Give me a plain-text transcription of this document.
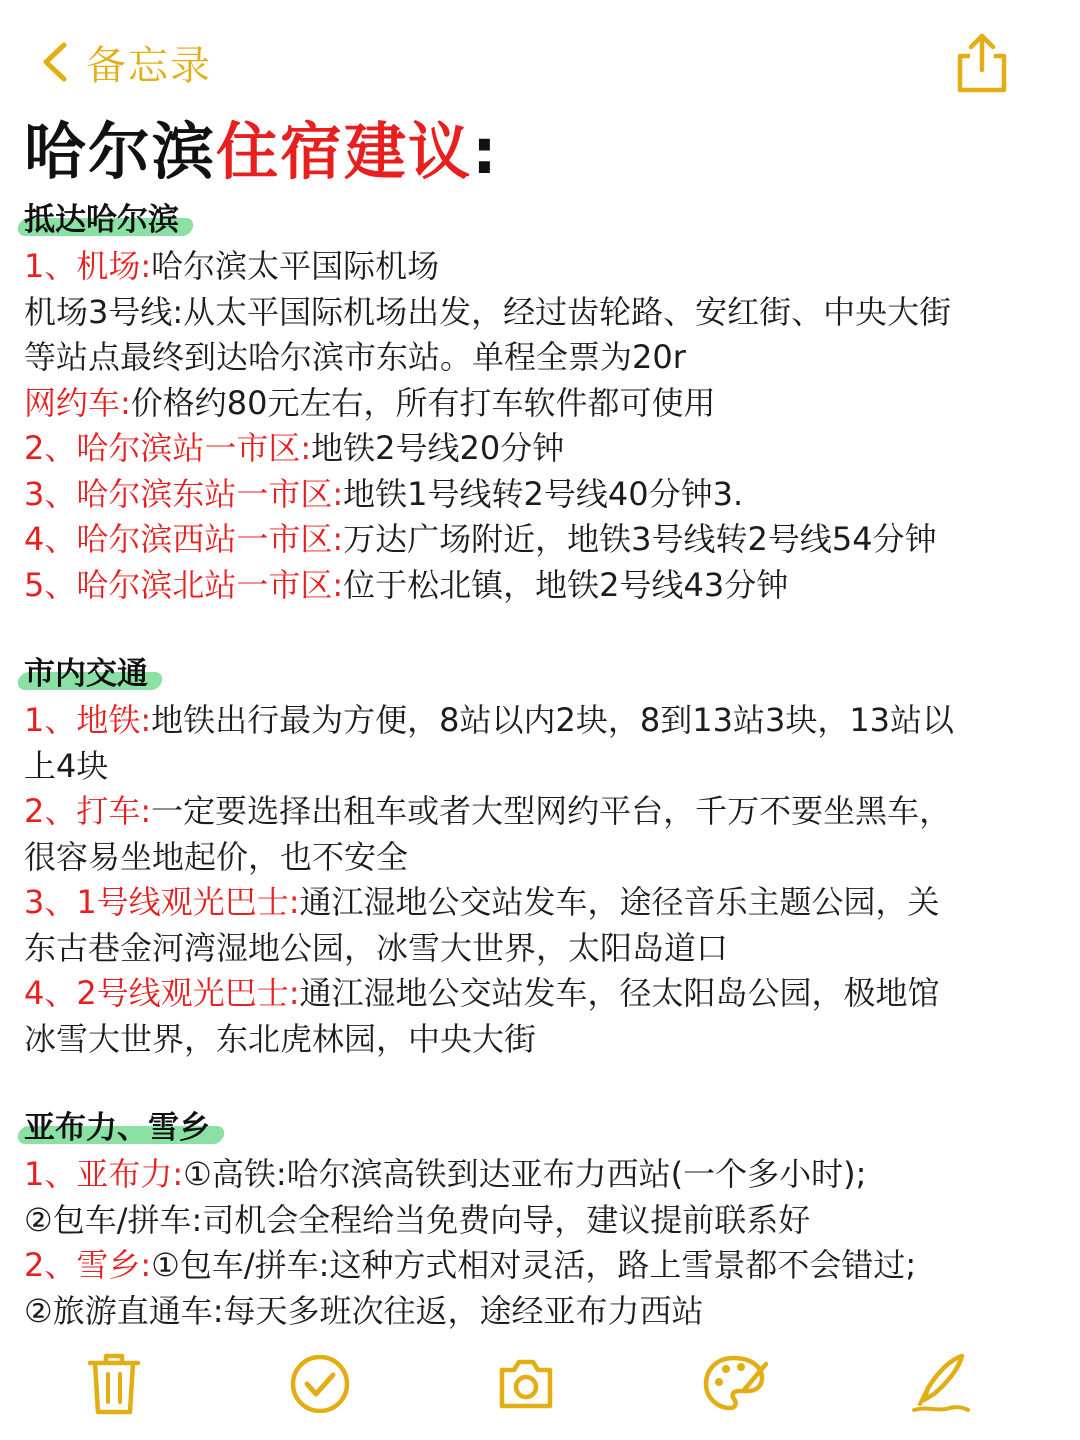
备忘录
哈尔滨住宿建议:
抵达哈尔滨
1、机场:哈尔滨太平国际机场
机场3号线:从太平国际机场出发，经过齿轮路、安红街、中央大街
等站点最终到达哈尔滨市东站。单程全票为20r
网约车:价格约80元左右，所有打车软件都可使用
2、哈尔滨站一市区:地铁2号线20分钟
3、哈尔滨东站一市区:地铁1号线转2号线40分钟3.
4、哈尔滨西站一市区:万达广场附近，地铁3号线转2号线54分钟
5、哈尔滨北站一市区:位于松北镇，地铁2号线43分钟
市内交通
1、地铁:地铁出行最为方便，8站以内2块，8到13站3块，13站以
上4块
2、打车:一定要选择出租车或者大型网约平台，千万不要坐黑车，
很容易坐地起价，也不安全
3、1号线观光巴士:通江湿地公交站发车，途径音乐主题公园，关
东古巷金河湾湿地公园，冰雪大世界，太阳岛道口
4、2号线观光巴士:通江湿地公交站发车，径太阳岛公园，极地馆
冰雪大世界，东北虎林园，中央大街
亚布力、雪乡
1、亚布力:①高铁:哈尔滨高铁到达亚布力西站(一个多小时);
②包车/拼车:司机会全程给当免费向导，建议提前联系好
2、雪乡:①包车/拼车:这种方式相对灵活，路上雪景都不会错过;
②旅游直通车:每天多班次往返，途经亚布力西站
